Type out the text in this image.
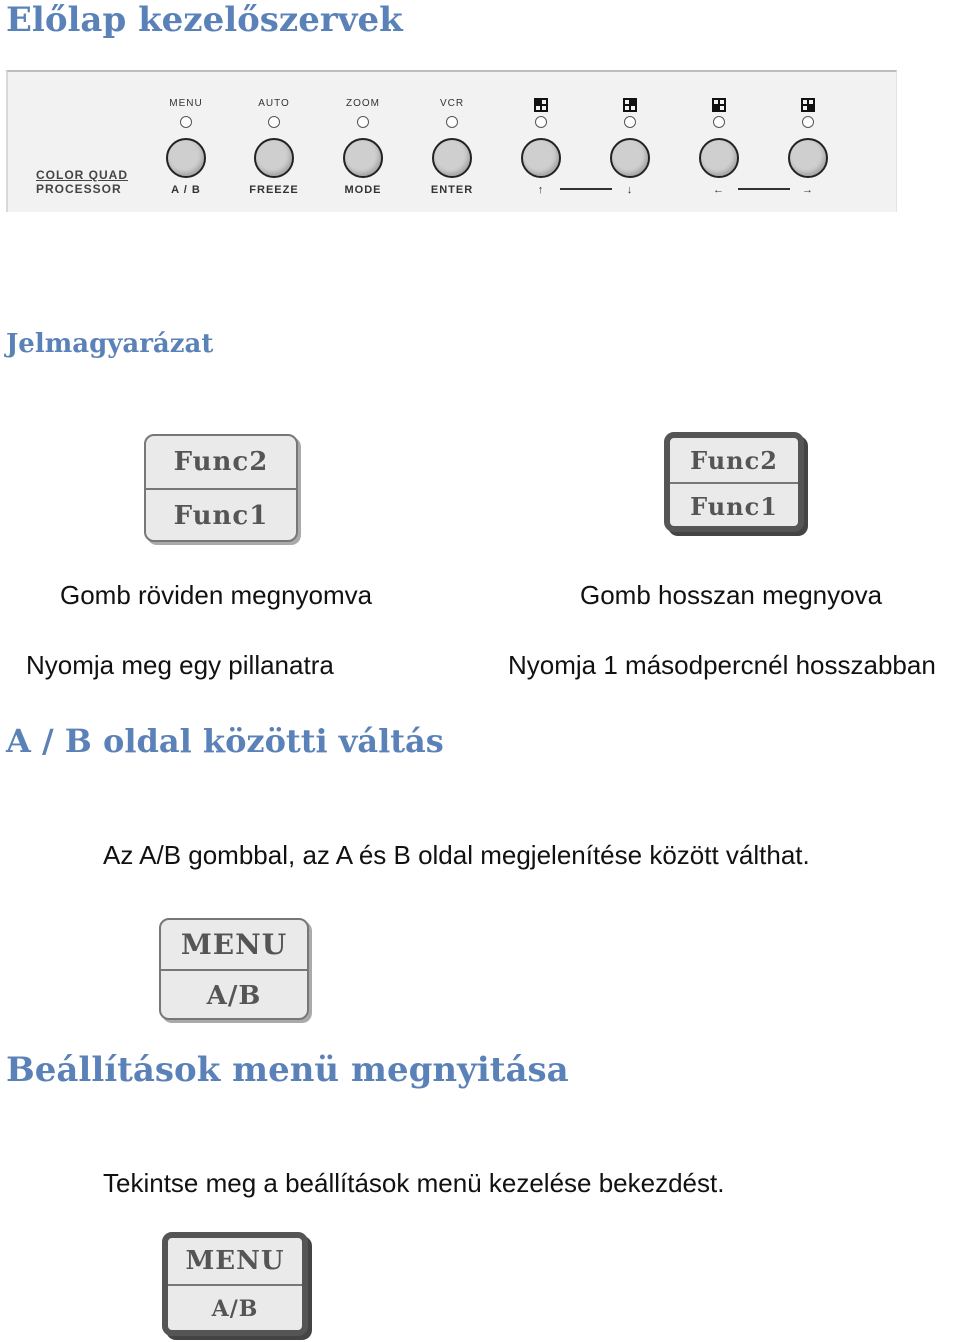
Előlap kezelőszervek
COLOR QUAD
PROCESSOR
MENU
A / B
AUTO
FREEZE
ZOOM
MODE
VCR
ENTER	↑	↓	←	→
Jelmagyarázat
Func2
Func1
Func2
Func1
Gomb röviden megnyomva	Gomb hosszan megnyova
Nyomja meg egy pillanatra	Nyomja 1 másodpercnél hosszabban
A / B oldal közötti váltás
Az A/B gombbal, az A és B oldal megjelenítése között válthat.
MENU
A/B
Beállítások menü megnyitása
Tekintse meg a beállítások menü kezelése bekezdést.
MENU
A/B
